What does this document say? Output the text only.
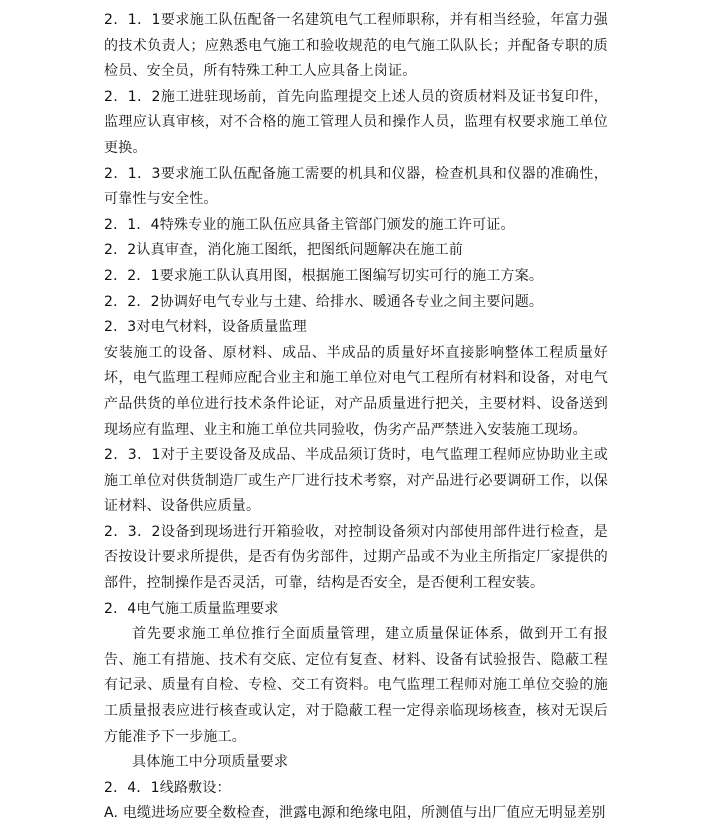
2．1．1要求施工队伍配备一名建筑电气工程师职称，并有相当经验，年富力强的技术负责人；应熟悉电气施工和验收规范的电气施工队队长；并配备专职的质检员、安全员，所有特殊工种工人应具备上岗证。

2．1．2施工进驻现场前，首先向监理提交上述人员的资质材料及证书复印件，监理应认真审核，对不合格的施工管理人员和操作人员，监理有权要求施工单位更换。

2．1．3要求施工队伍配备施工需要的机具和仪器，检查机具和仪器的准确性，可靠性与安全性。

2．1．4特殊专业的施工队伍应具备主管部门颁发的施工许可证。

2．2认真审查，消化施工图纸，把图纸问题解决在施工前

2．2．1要求施工队认真用图，根据施工图编写切实可行的施工方案。

2．2．2协调好电气专业与土建、给排水、暖通各专业之间主要问题。

2．3对电气材料，设备质量监理

安装施工的设备、原材料、成品、半成品的质量好坏直接影响整体工程质量好坏，电气监理工程师应配合业主和施工单位对电气工程所有材料和设备，对电气产品供货的单位进行技术条件论证，对产品质量进行把关，主要材料、设备送到现场应有监理、业主和施工单位共同验收，伪劣产品严禁进入安装施工现场。

2．3．1对于主要设备及成品、半成品须订货时，电气监理工程师应协助业主或施工单位对供货制造厂或生产厂进行技术考察，对产品进行必要调研工作，以保证材料、设备供应质量。

2．3．2设备到现场进行开箱验收，对控制设备须对内部使用部件进行检查，是否按设计要求所提供，是否有伪劣部件，过期产品或不为业主所指定厂家提供的部件，控制操作是否灵活，可靠，结构是否安全，是否便利工程安装。

2．4电气施工质量监理要求

首先要求施工单位推行全面质量管理，建立质量保证体系，做到开工有报告、施工有措施、技术有交底、定位有复查、材料、设备有试验报告、隐蔽工程有记录、质量有自检、专检、交工有资料。电气监理工程师对施工单位交验的施工质量报表应进行核查或认定，对于隐蔽工程一定得亲临现场核查，核对无误后方能准予下一步施工。

具体施工中分项质量要求

2．4．1线路敷设：

A. 电缆进场应要全数检查，泄露电源和绝缘电阻，所测值与出厂值应无明显差别
